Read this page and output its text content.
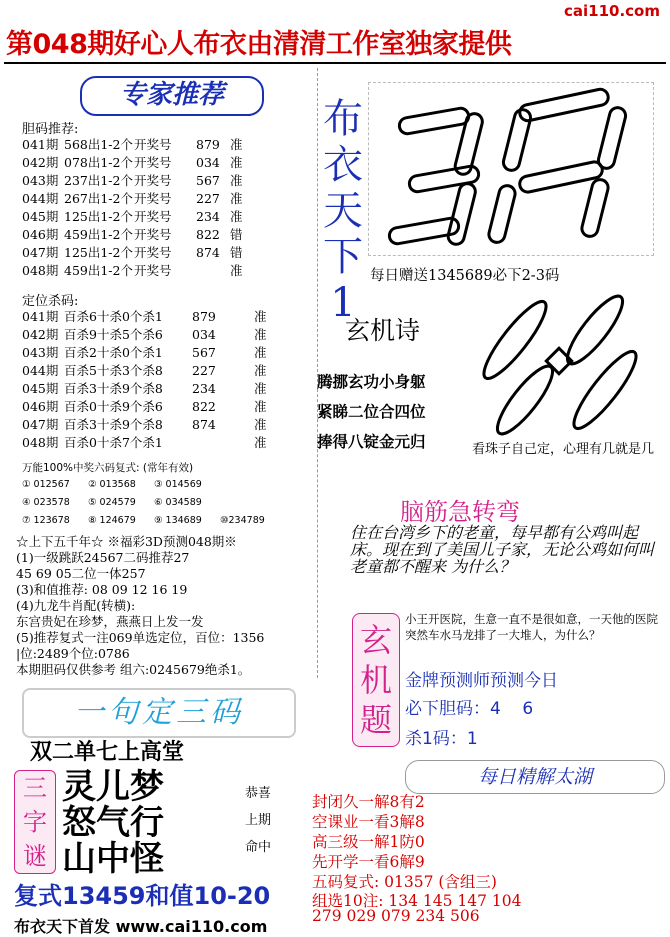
cai110.com
第048期好心人布衣由清清工作室独家提供
专家推荐
胆码推荐:
041期 568出1-2个开奖号 879 准
042期 078出1-2个开奖号 034 准
043期 237出1-2个开奖号 567 准
044期 267出1-2个开奖号 227 准
045期 125出1-2个开奖号 234 准
046期 459出1-2个开奖号 822 错
047期 125出1-2个开奖号 874 错
048期 459出1-2个开奖号	准
定位杀码:
041期 百杀6十杀0个杀1 879	准
042期 百杀9十杀5个杀6 034	准
043期 百杀2十杀0个杀1 567	准
044期 百杀5十杀3个杀8 227	准
045期 百杀3十杀9个杀8 234	准
046期 百杀0十杀9个杀6 822	准
047期 百杀3十杀9个杀8 874	准
048期 百杀0十杀7个杀1	准
万能100%中奖六码复式: (常年有效)
① 012567 ② 013568 ③ 014569
④ 023578 ⑤ 024579 ⑥ 034589
⑦ 123678 ⑧ 124679 ⑨ 134689 ⑩234789
☆上下五千年☆ ※福彩3D预测048期※
(1)一级跳跃24567二码推荐27
45 69 05二位一体257
(3)和值推荐: 08 09 12 16 19
(4)九龙牛肖配(转横):
东宫贵妃在珍梦，燕燕日上发一发
(5)推荐复式一注069单选定位，百位：1356
|位:2489个位:0786
本期胆码仅供参考 组六:0245679绝杀1。
布
衣
天
下
1
每日赠送1345689必下2-3码
玄机诗
腾挪玄功小身躯
紧睇二位合四位
捧得八锭金元归	看珠子自己定，心理有几就是几
脑筋急转弯
住在台湾乡下的老童，每早都有公鸡叫起床。现在到了美国儿子家，无论公鸡如何叫 老童都不醒来 为什么？
玄
机
题
小王开医院，生意一直不是很如意，一天他的医院突然车水马龙排了一大堆人，为什么？
金牌预测师预测今日
必下胆码：4    6
杀1码：1
每日精解太湖
一句定三码
双二单七上高堂
三
字
谜
灵儿梦
怒气行
山中怪
恭喜
上期
命中
封闭久一解8有2
空课业一看3解8
高三级一解1防0
先开学一看6解9
五码复式: 01357 (含组三)
组选10注: 134 145 147 104
279 029 079 234 506
复式13459和值10-20
布衣天下首发 www.cai110.com
